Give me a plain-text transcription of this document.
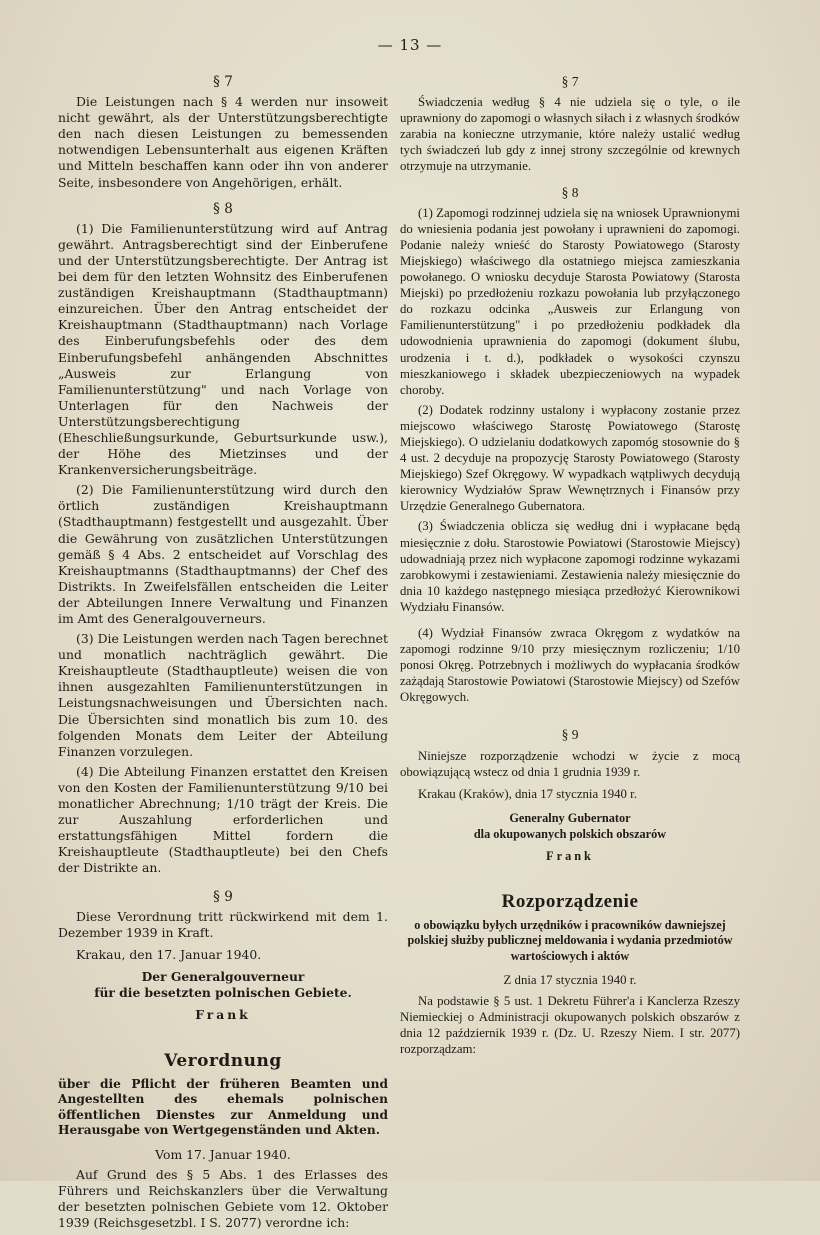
— 13 —
§ 7

Die Leistungen nach § 4 werden nur insoweit nicht gewährt, als der Unterstützungsberechtigte den nach diesen Leistungen zu bemessenden notwendigen Lebensunterhalt aus eigenen Kräften und Mitteln beschaffen kann oder ihn von anderer Seite, insbesondere von Angehörigen, erhält.

§ 8

(1) Die Familienunterstützung wird auf Antrag gewährt. Antragsberechtigt sind der Einberufene und der Unterstützungsberechtigte. Der Antrag ist bei dem für den letzten Wohnsitz des Einberufenen zuständigen Kreishauptmann (Stadthauptmann) einzureichen. Über den Antrag entscheidet der Kreishauptmann (Stadthauptmann) nach Vorlage des Einberufungsbefehls oder des dem Einberufungsbefehl anhängenden Abschnittes „Ausweis zur Erlangung von Familienunterstützung" und nach Vorlage von Unterlagen für den Nachweis der Unterstützungsberechtigung (Eheschließungsurkunde, Geburtsurkunde usw.), der Höhe des Mietzinses und der Krankenversicherungsbeiträge.

(2) Die Familienunterstützung wird durch den örtlich zuständigen Kreishauptmann (Stadthauptmann) festgestellt und ausgezahlt. Über die Gewährung von zusätzlichen Unterstützungen gemäß § 4 Abs. 2 entscheidet auf Vorschlag des Kreishauptmanns (Stadthauptmanns) der Chef des Distrikts. In Zweifelsfällen entscheiden die Leiter der Abteilungen Innere Verwaltung und Finanzen im Amt des Generalgouverneurs.

(3) Die Leistungen werden nach Tagen berechnet und monatlich nachträglich gewährt. Die Kreishauptleute (Stadthauptleute) weisen die von ihnen ausgezahlten Familienunterstützungen in Leistungsnachweisungen und Übersichten nach. Die Übersichten sind monatlich bis zum 10. des folgenden Monats dem Leiter der Abteilung Finanzen vorzulegen.

(4) Die Abteilung Finanzen erstattet den Kreisen von den Kosten der Familienunterstützung 9/10 bei monatlicher Abrechnung; 1/10 trägt der Kreis. Die zur Auszahlung erforderlichen und erstattungsfähigen Mittel fordern die Kreishauptleute (Stadthauptleute) bei den Chefs der Distrikte an.

§ 9

Diese Verordnung tritt rückwirkend mit dem 1. Dezember 1939 in Kraft.

Krakau, den 17. Januar 1940.

Der Generalgouverneur
für die besetzten polnischen Gebiete.
Frank
Verordnung
über die Pflicht der früheren Beamten und Angestellten des ehemals polnischen öffentlichen Dienstes zur Anmeldung und Herausgabe von Wertgegenständen und Akten.
Vom 17. Januar 1940.

Auf Grund des § 5 Abs. 1 des Erlasses des Führers und Reichskanzlers über die Verwaltung der besetzten polnischen Gebiete vom 12. Oktober 1939 (Reichsgesetzbl. I S. 2077) verordne ich:

§ 7

Świadczenia według § 4 nie udziela się o tyle, o ile uprawniony do zapomogi o własnych siłach i z własnych środków zarabia na konieczne utrzymanie, które należy ustalić według tych świadczeń lub gdy z innej strony szczególnie od krewnych otrzymuje na utrzymanie.

§ 8

(1) Zapomogi rodzinnej udziela się na wniosek Uprawnionymi do wniesienia podania jest powołany i uprawnieni do zapomogi. Podanie należy wnieść do Starosty Powiatowego (Starosty Miejskiego) właściwego dla ostatniego miejsca zamieszkania powołanego. O wniosku decyduje Starosta Powiatowy (Starosta Miejski) po przedłożeniu rozkazu powołania lub przyłączonego do rozkazu odcinka „Ausweis zur Erlangung von Familienunterstützung" i po przedłożeniu podkładek dla udowodnienia uprawnienia do zapomogi (dokument ślubu, urodzenia i t. d.), podkładek o wysokości czynszu mieszkaniowego i składek ubezpieczeniowych na wypadek choroby.

(2) Dodatek rodzinny ustalony i wypłacony zostanie przez miejscowo właściwego Starostę Powiatowego (Starostę Miejskiego). O udzielaniu dodatkowych zapomóg stosownie do § 4 ust. 2 decyduje na propozycję Starosty Powiatowego (Starosty Miejskiego) Szef Okręgowy. W wypadkach wątpliwych decydują kierownicy Wydziałów Spraw Wewnętrznych i Finansów przy Urzędzie Generalnego Gubernatora.

(3) Świadczenia oblicza się według dni i wypłacane będą miesięcznie z dołu. Starostowie Powiatowi (Starostowie Miejscy) udowadniają przez nich wypłacone zapomogi rodzinne wykazami zarobkowymi i zestawieniami. Zestawienia należy miesięcznie do dnia 10 każdego następnego miesiąca przedłożyć Kierownikowi Wydziału Finansów.

(4) Wydział Finansów zwraca Okręgom z wydatków na zapomogi rodzinne 9/10 przy miesięcznym rozliczeniu; 1/10 ponosi Okręg. Potrzebnych i możliwych do wypłacania środków zażądają Starostowie Powiatowi (Starostowie Miejscy) od Szefów Okręgowych.

§ 9

Niniejsze rozporządzenie wchodzi w życie z mocą obowiązującą wstecz od dnia 1 grudnia 1939 r.

Krakau (Kraków), dnia 17 stycznia 1940 r.

Generalny Gubernator
dla okupowanych polskich obszarów
Frank
Rozporządzenie
o obowiązku byłych urzędników i pracowników dawniejszej polskiej służby publicznej meldowania i wydania przedmiotów wartościowych i aktów
Z dnia 17 stycznia 1940 r.

Na podstawie § 5 ust. 1 Dekretu Führer'a i Kanclerza Rzeszy Niemieckiej o Administracji okupowanych polskich obszarów z dnia 12 październik 1939 r. (Dz. U. Rzeszy Niem. I str. 2077) rozporządzam:
